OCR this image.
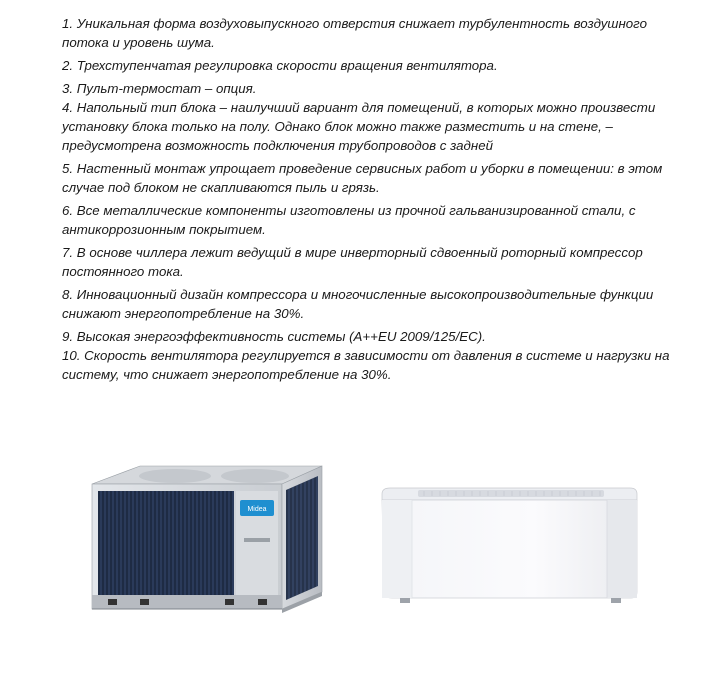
1. Уникальная форма воздуховыпускного отверстия снижает турбулентность воздушного потока и уровень шума.
2. Трехступенчатая регулировка скорости вращения вентилятора.
3. Пульт-термостат – опция.
4. Напольный тип блока – наилучший вариант для помещений, в которых можно произвести установку блока только на полу. Однако блок можно также разместить и на стене, – предусмотрена возможность подключения трубопроводов с задней
5. Настенный монтаж упрощает проведение сервисных работ и уборки в помещении: в этом случае под блоком не скапливаются пыль и грязь.
6. Все металлические компоненты изготовлены из прочной гальванизированной стали, с антикоррозионным покрытием.
7. В основе чиллера лежит ведущий в мире инверторный сдвоенный роторный компрессор постоянного тока.
8. Инновационный дизайн компрессора и многочисленные высокопроизводительные функции снижают энергопотребление на 30%.
9. Высокая энергоэффективность системы (A++EU 2009/125/EC).
10. Скорость вентилятора регулируется в зависимости от давления в системе и нагрузки на систему, что снижает энергопотребление на 30%.
Midea
